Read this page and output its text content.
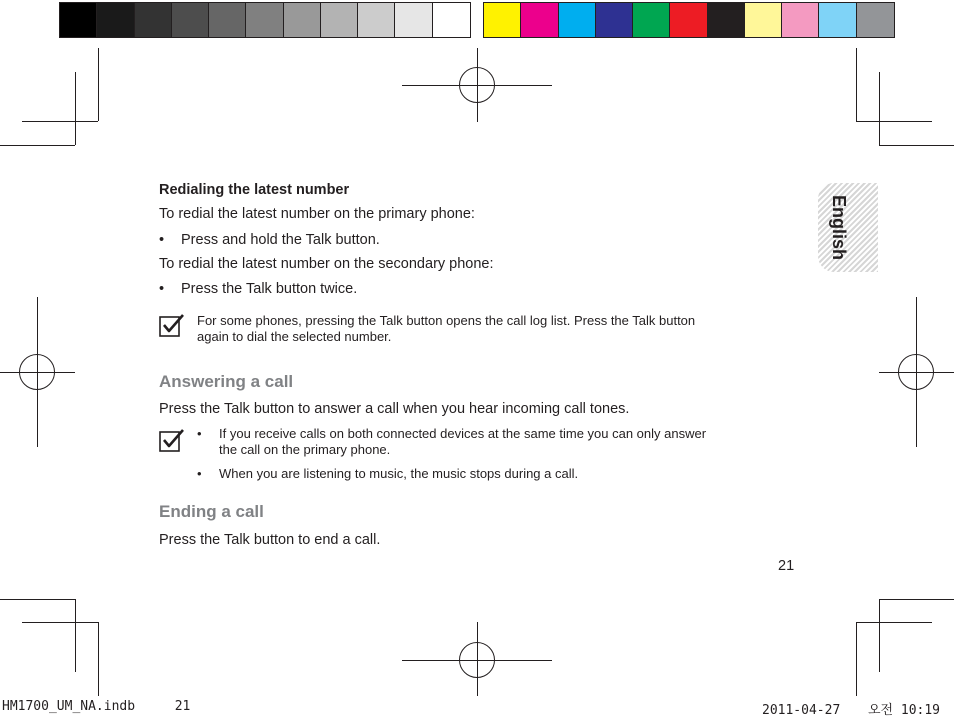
English
Redialing the latest number
To redial the latest number on the primary phone:
• Press and hold the Talk button.
To redial the latest number on the secondary phone:
• Press the Talk button twice.
For some phones, pressing the Talk button opens the call log list. Press the Talk button
again to dial the selected number.
Answering a call
Press the Talk button to answer a call when you hear incoming call tones.
• If you receive calls on both connected devices at the same time you can only answer
the call on the primary phone.
• When you are listening to music, the music stops during a call.
Ending a call
Press the Talk button to end a call.
21
HM1700_UM_NA.indb	21	2011-04-27 오전 10:19
